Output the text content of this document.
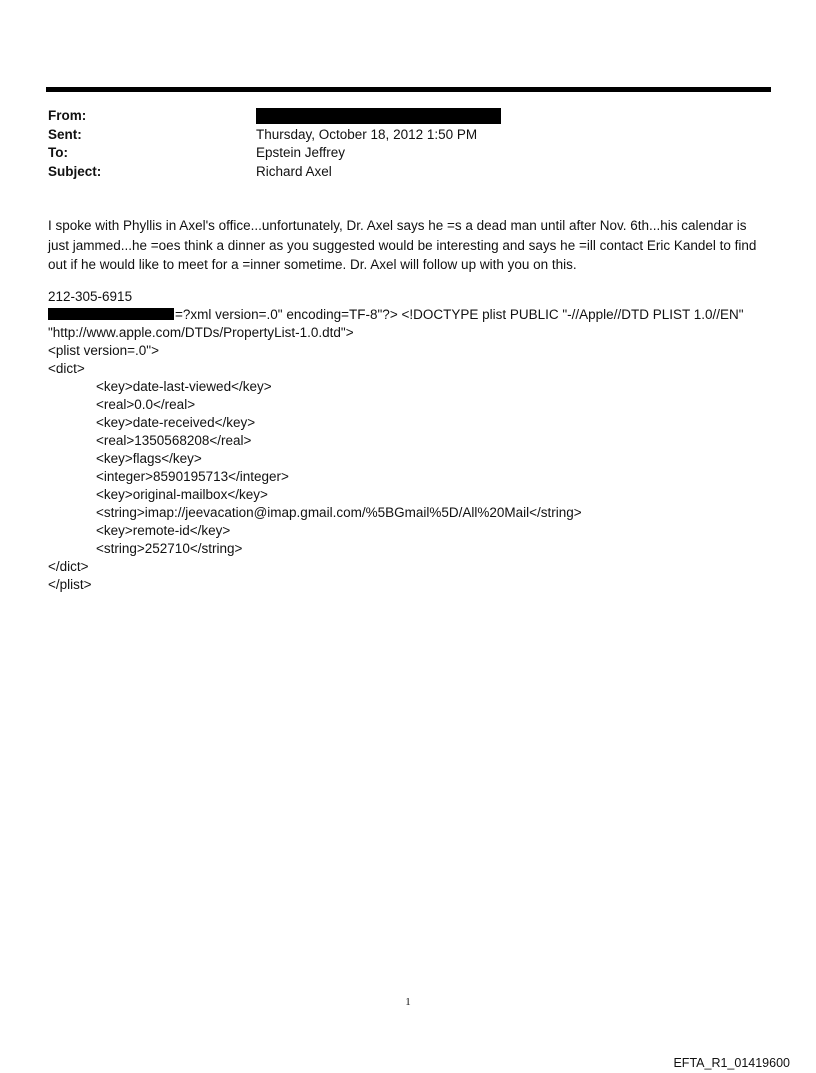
From:
Sent:	Thursday, October 18, 2012 1:50 PM
To:	Epstein Jeffrey
Subject:	Richard Axel
I spoke with Phyllis in Axel's office...unfortunately, Dr. Axel says he =s a dead man until after Nov. 6th...his calendar is just jammed...he =oes think a dinner as you suggested would be interesting and says he =ill contact Eric Kandel to find out if he would like to meet for a =inner sometime. Dr. Axel will follow up with you on this.
212-305-6915
=?xml version=.0" encoding=TF-8"?> <!DOCTYPE plist PUBLIC "-//Apple//DTD PLIST 1.0//EN" "http://www.apple.com/DTDs/PropertyList-1.0.dtd">
<plist version=.0">
<dict>
<key>date-last-viewed</key>
<real>0.0</real>
<key>date-received</key>
<real>1350568208</real>
<key>flags</key>
<integer>8590195713</integer>
<key>original-mailbox</key>
<string>imap://jeevacation@imap.gmail.com/%5BGmail%5D/All%20Mail</string>
<key>remote-id</key>
<string>252710</string>
</dict>
</plist>
1
EFTA_R1_01419600
